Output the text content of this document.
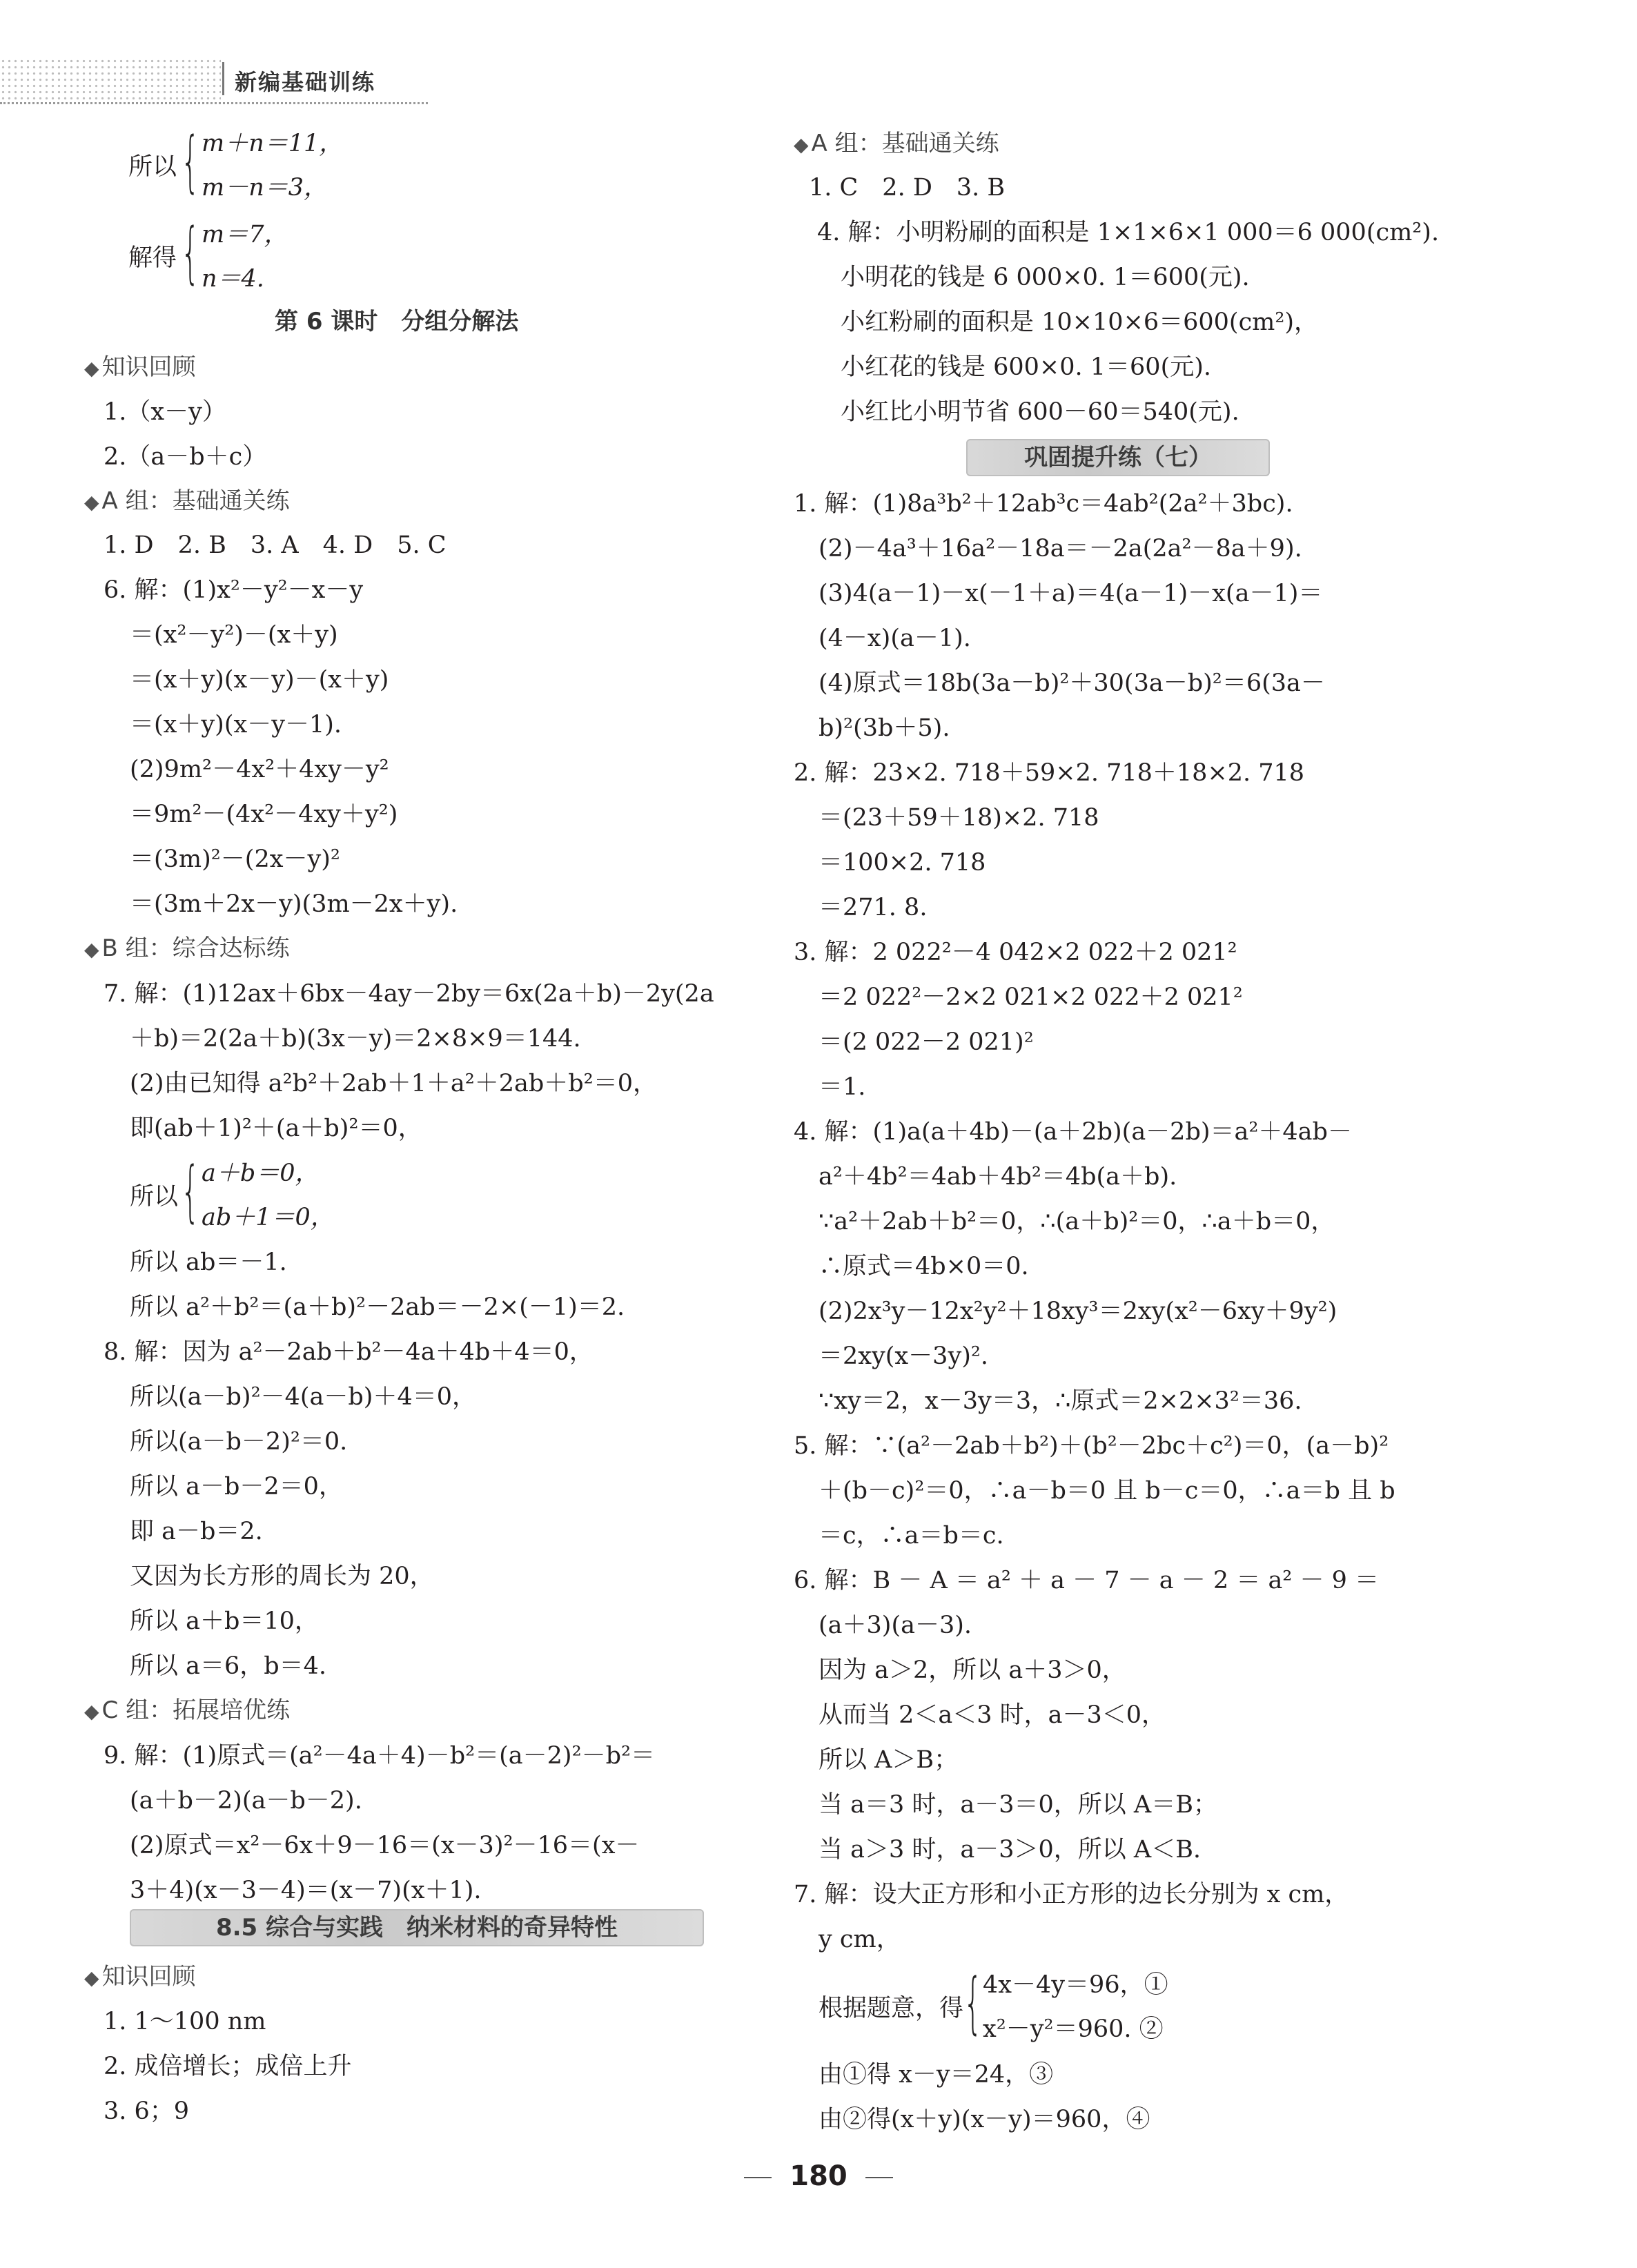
新编基础训练
所以 { m＋n＝11，
m－n＝3，
解得 { m＝7，
n＝4.
第 6 课时　分组分解法
◆ 知识回顾
1.（x－y）
2.（a－b＋c）
◆ A 组：基础通关练
1. D　2. B　3. A　4. D　5. C
6. 解：(1)x²－y²－x－y
＝(x²－y²)－(x＋y)
＝(x＋y)(x－y)－(x＋y)
＝(x＋y)(x－y－1).
(2)9m²－4x²＋4xy－y²
＝9m²－(4x²－4xy＋y²)
＝(3m)²－(2x－y)²
＝(3m＋2x－y)(3m－2x＋y).
◆ B 组：综合达标练
7. 解：(1)12ax＋6bx－4ay－2by＝6x(2a＋b)－2y(2a
＋b)＝2(2a＋b)(3x－y)＝2×8×9＝144.
(2)由已知得 a²b²＋2ab＋1＋a²＋2ab＋b²＝0，
即(ab＋1)²＋(a＋b)²＝0，
所以 { a＋b＝0，
ab＋1＝0，
所以 ab＝－1.
所以 a²＋b²＝(a＋b)²－2ab＝－2×(－1)＝2.
8. 解：因为 a²－2ab＋b²－4a＋4b＋4＝0，
所以(a－b)²－4(a－b)＋4＝0，
所以(a－b－2)²＝0.
所以 a－b－2＝0，
即 a－b＝2.
又因为长方形的周长为 20，
所以 a＋b＝10，
所以 a＝6，b＝4.
◆ C 组：拓展培优练
9. 解：(1)原式＝(a²－4a＋4)－b²＝(a－2)²－b²＝
(a＋b－2)(a－b－2).
(2)原式＝x²－6x＋9－16＝(x－3)²－16＝(x－
3＋4)(x－3－4)＝(x－7)(x＋1).
8.5 综合与实践　纳米材料的奇异特性
◆ 知识回顾
1. 1～100 nm
2. 成倍增长；成倍上升
3. 6；9
◆ A 组：基础通关练
1. C　2. D　3. B
4. 解：小明粉刷的面积是 1×1×6×1 000＝6 000(cm²).
小明花的钱是 6 000×0. 1＝600(元).
小红粉刷的面积是 10×10×6＝600(cm²)，
小红花的钱是 600×0. 1＝60(元).
小红比小明节省 600－60＝540(元).
巩固提升练（七）
1. 解：(1)8a³b²＋12ab³c＝4ab²(2a²＋3bc).
(2)－4a³＋16a²－18a＝－2a(2a²－8a＋9).
(3)4(a－1)－x(－1＋a)＝4(a－1)－x(a－1)＝
(4－x)(a－1).
(4)原式＝18b(3a－b)²＋30(3a－b)²＝6(3a－
b)²(3b＋5).
2. 解：23×2. 718＋59×2. 718＋18×2. 718
＝(23＋59＋18)×2. 718
＝100×2. 718
＝271. 8.
3. 解：2 022²－4 042×2 022＋2 021²
＝2 022²－2×2 021×2 022＋2 021²
＝(2 022－2 021)²
＝1.
4. 解：(1)a(a＋4b)－(a＋2b)(a－2b)＝a²＋4ab－
a²＋4b²＝4ab＋4b²＝4b(a＋b).
∵a²＋2ab＋b²＝0，∴(a＋b)²＝0，∴a＋b＝0，
∴原式＝4b×0＝0.
(2)2x³y－12x²y²＋18xy³＝2xy(x²－6xy＋9y²)
＝2xy(x－3y)².
∵xy＝2，x－3y＝3，∴原式＝2×2×3²＝36.
5. 解：∵(a²－2ab＋b²)＋(b²－2bc＋c²)＝0，(a－b)²
＋(b－c)²＝0，∴a－b＝0 且 b－c＝0，∴a＝b 且 b
＝c，∴a＝b＝c.
6. 解：B － A ＝ a² ＋ a － 7 － a － 2 ＝ a² － 9 ＝
(a＋3)(a－3).
因为 a＞2，所以 a＋3＞0，
从而当 2＜a＜3 时，a－3＜0，
所以 A＞B；
当 a＝3 时，a－3＝0，所以 A＝B；
当 a＞3 时，a－3＞0，所以 A＜B.
7. 解：设大正方形和小正方形的边长分别为 x cm，
y cm，
根据题意，得 { 4x－4y＝96，①
x²－y²＝960. ②
由①得 x－y＝24，③
由②得(x＋y)(x－y)＝960，④
180
